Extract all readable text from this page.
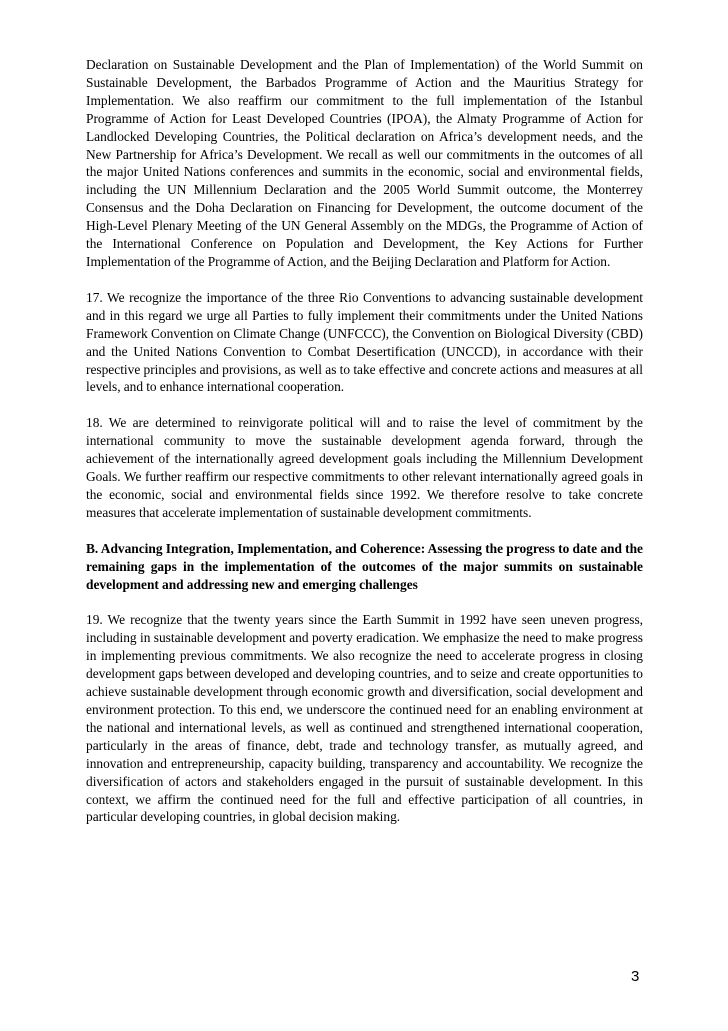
Declaration on Sustainable Development and the Plan of Implementation) of the World Summit on Sustainable Development, the Barbados Programme of Action and the Mauritius Strategy for Implementation. We also reaffirm our commitment to the full implementation of the Istanbul Programme of Action for Least Developed Countries (IPOA), the Almaty Programme of Action for Landlocked Developing Countries, the Political declaration on Africa’s development needs, and the New Partnership for Africa’s Development. We recall as well our commitments in the outcomes of all the major United Nations conferences and summits in the economic, social and environmental fields, including the UN Millennium Declaration and the 2005 World Summit outcome, the Monterrey Consensus and the Doha Declaration on Financing for Development, the outcome document of the High-Level Plenary Meeting of the UN General Assembly on the MDGs, the Programme of Action of the International Conference on Population and Development, the Key Actions for Further Implementation of the Programme of Action, and the Beijing Declaration and Platform for Action.

17. We recognize the importance of the three Rio Conventions to advancing sustainable development and in this regard we urge all Parties to fully implement their commitments under the United Nations Framework Convention on Climate Change (UNFCCC), the Convention on Biological Diversity (CBD) and the United Nations Convention to Combat Desertification (UNCCD), in accordance with their respective principles and provisions, as well as to take effective and concrete actions and measures at all levels, and to enhance international cooperation.

18. We are determined to reinvigorate political will and to raise the level of commitment by the international community to move the sustainable development agenda forward, through the achievement of the internationally agreed development goals including the Millennium Development Goals. We further reaffirm our respective commitments to other relevant internationally agreed goals in the economic, social and environmental fields since 1992. We therefore resolve to take concrete measures that accelerate implementation of sustainable development commitments.

B. Advancing Integration, Implementation, and Coherence: Assessing the progress to date and the remaining gaps in the implementation of the outcomes of the major summits on sustainable development and addressing new and emerging challenges

19. We recognize that the twenty years since the Earth Summit in 1992 have seen uneven progress, including in sustainable development and poverty eradication. We emphasize the need to make progress in implementing previous commitments. We also recognize the need to accelerate progress in closing development gaps between developed and developing countries, and to seize and create opportunities to achieve sustainable development through economic growth and diversification, social development and environment protection. To this end, we underscore the continued need for an enabling environment at the national and international levels, as well as continued and strengthened international cooperation, particularly in the areas of finance, debt, trade and technology transfer, as mutually agreed, and innovation and entrepreneurship, capacity building, transparency and accountability. We recognize the diversification of actors and stakeholders engaged in the pursuit of sustainable development. In this context, we affirm the continued need for the full and effective participation of all countries, in particular developing countries, in global decision making.

3
